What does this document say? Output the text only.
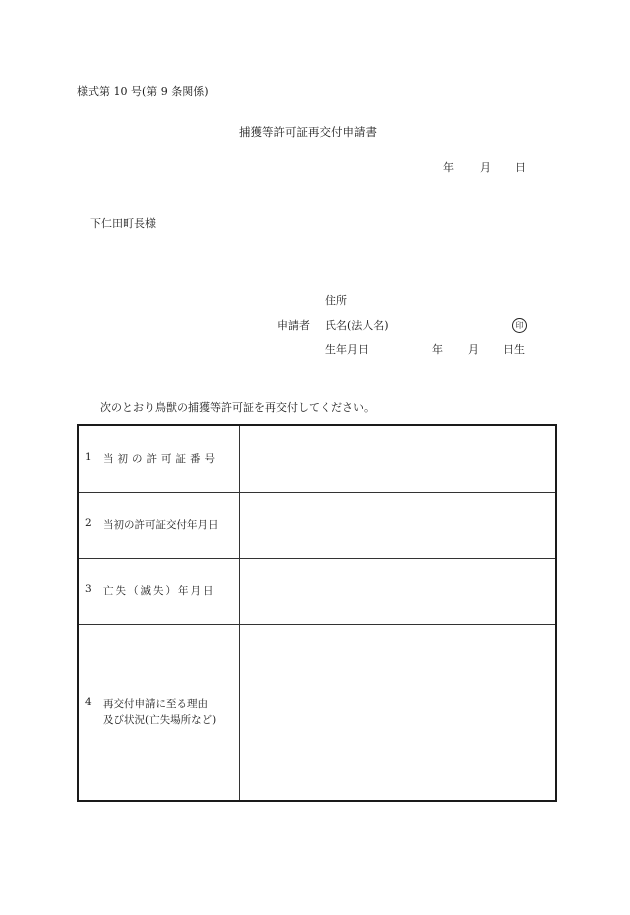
様式第 10 号(第 9 条関係)
捕獲等許可証再交付申請書
年 月 日
下仁田町長様
住所
申請者 氏名(法人名)	印
生年月日	年 月 日生
次のとおり鳥獣の捕獲等許可証を再交付してください。
1 当初の許可証番号	

2 当初の許可証交付年月日	

3 亡失（滅失）年月日	

4 再交付申請に至る理由
及び状況(亡失場所など)	
